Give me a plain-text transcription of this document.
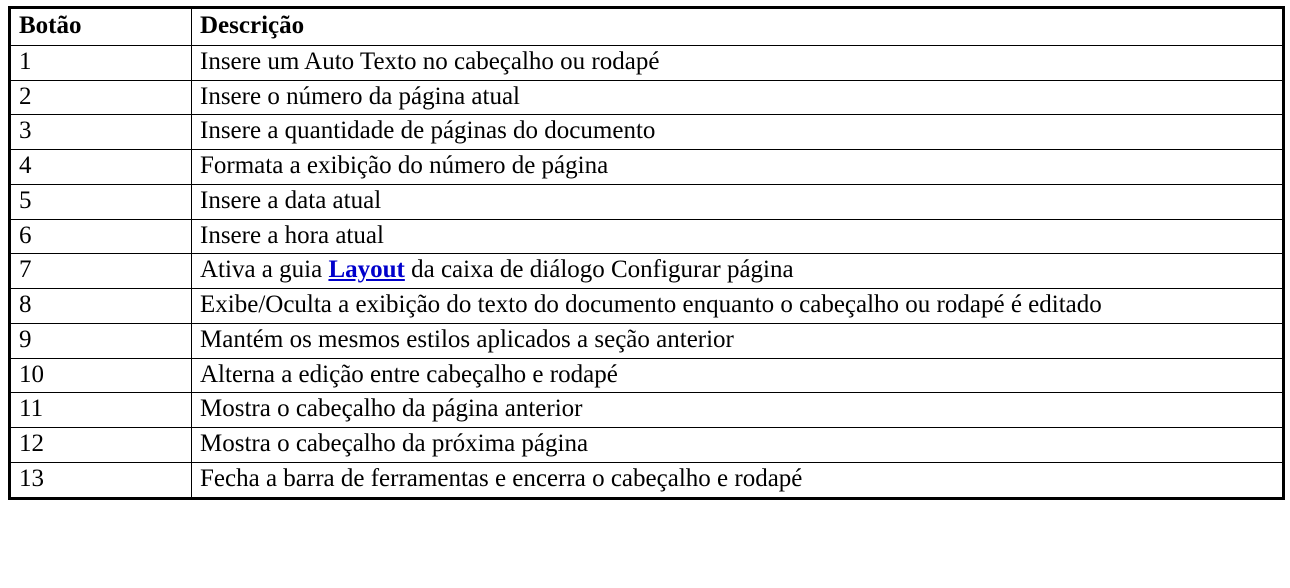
Botão	Descrição
1	Inserе um Auto Texto no cabeçalho ou rodapé
2	Insere o número da página atual
3	Insere a quantidade de páginas do documento
4	Formata a exibição do número de página
5	Insere a data atual
6	Insere a hora atual
7	Ativa a guia Layout da caixa de diálogo Configurar página
8	Exibe/Oculta a exibição do texto do documento enquanto o cabeçalho ou rodapé é editado
9	Mantém os mesmos estilos aplicados a seção anterior
10	Alterna a edição entre cabeçalho e rodapé
11	Mostra o cabeçalho da página anterior
12	Mostra o cabeçalho da próxima página
13	Fecha a barra de ferramentas e encerra o cabeçalho e rodapé
